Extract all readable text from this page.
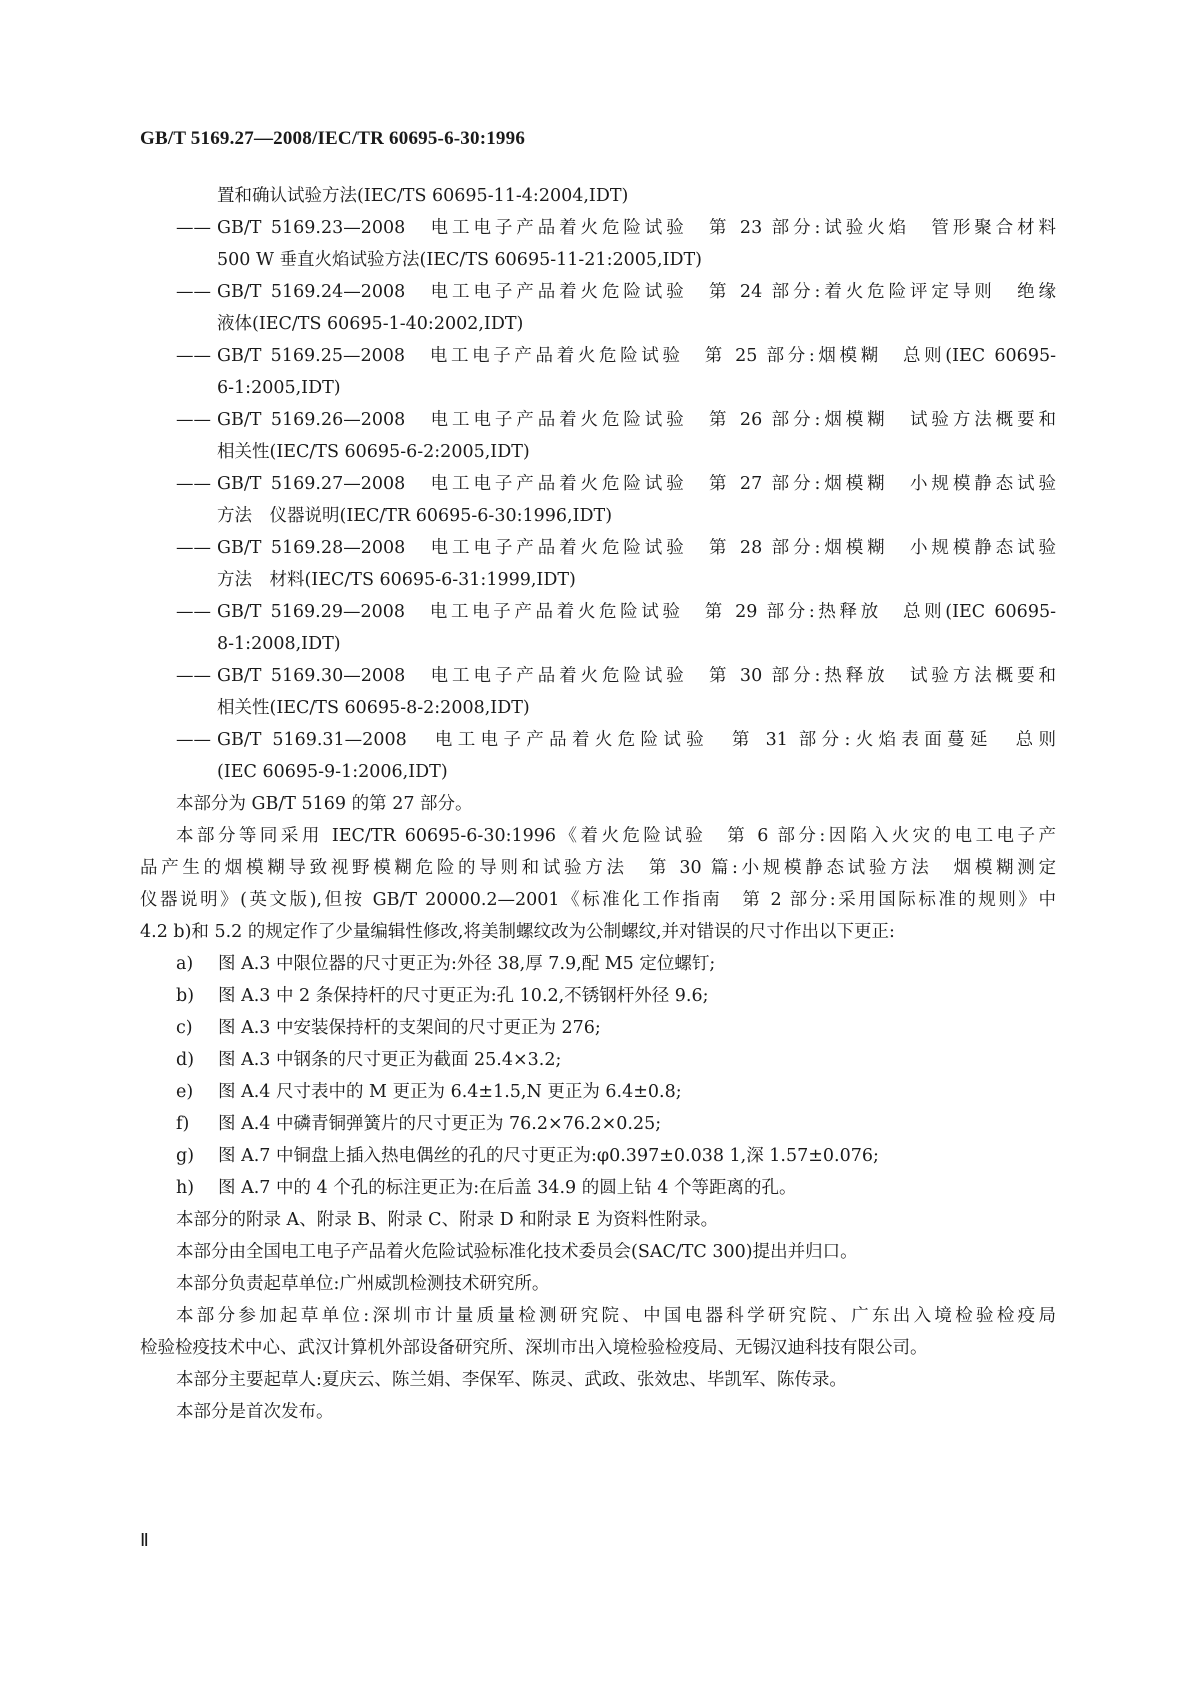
GB/T 5169.27—2008/IEC/TR 60695-6-30:1996
置和确认试验方法(IEC/TS 60695-11-4:2004,IDT)
—— GB/T 5169.23—2008　电工电子产品着火危险试验　第 23 部分:试验火焰　管形聚合材料
500 W 垂直火焰试验方法(IEC/TS 60695-11-21:2005,IDT)
—— GB/T 5169.24—2008　电工电子产品着火危险试验　第 24 部分:着火危险评定导则　绝缘
液体(IEC/TS 60695-1-40:2002,IDT)
—— GB/T 5169.25—2008　电工电子产品着火危险试验　第 25 部分:烟模糊　总则(IEC 60695-
6-1:2005,IDT)
—— GB/T 5169.26—2008　电工电子产品着火危险试验　第 26 部分:烟模糊　试验方法概要和
相关性(IEC/TS 60695-6-2:2005,IDT)
—— GB/T 5169.27—2008　电工电子产品着火危险试验　第 27 部分:烟模糊　小规模静态试验
方法　仪器说明(IEC/TR 60695-6-30:1996,IDT)
—— GB/T 5169.28—2008　电工电子产品着火危险试验　第 28 部分:烟模糊　小规模静态试验
方法　材料(IEC/TS 60695-6-31:1999,IDT)
—— GB/T 5169.29—2008　电工电子产品着火危险试验　第 29 部分:热释放　总则(IEC 60695-
8-1:2008,IDT)
—— GB/T 5169.30—2008　电工电子产品着火危险试验　第 30 部分:热释放　试验方法概要和
相关性(IEC/TS 60695-8-2:2008,IDT)
—— GB/T 5169.31—2008　电工电子产品着火危险试验　第 31 部分:火焰表面蔓延　总则
(IEC 60695-9-1:2006,IDT)
本部分为 GB/T 5169 的第 27 部分。
本部分等同采用 IEC/TR 60695-6-30:1996《着火危险试验　第 6 部分:因陷入火灾的电工电子产
品产生的烟模糊导致视野模糊危险的导则和试验方法　第 30 篇:小规模静态试验方法　烟模糊测定
仪器说明》(英文版),但按 GB/T 20000.2—2001《标准化工作指南　第 2 部分:采用国际标准的规则》中
4.2 b)和 5.2 的规定作了少量编辑性修改,将美制螺纹改为公制螺纹,并对错误的尺寸作出以下更正:
a) 图 A.3 中限位器的尺寸更正为:外径 38,厚 7.9,配 M5 定位螺钉;
b) 图 A.3 中 2 条保持杆的尺寸更正为:孔 10.2,不锈钢杆外径 9.6;
c) 图 A.3 中安装保持杆的支架间的尺寸更正为 276;
d) 图 A.3 中钢条的尺寸更正为截面 25.4×3.2;
e) 图 A.4 尺寸表中的 M 更正为 6.4±1.5,N 更正为 6.4±0.8;
f) 图 A.4 中磷青铜弹簧片的尺寸更正为 76.2×76.2×0.25;
g) 图 A.7 中铜盘上插入热电偶丝的孔的尺寸更正为:φ0.397±0.038 1,深 1.57±0.076;
h) 图 A.7 中的 4 个孔的标注更正为:在后盖 34.9 的圆上钻 4 个等距离的孔。
本部分的附录 A、附录 B、附录 C、附录 D 和附录 E 为资料性附录。
本部分由全国电工电子产品着火危险试验标准化技术委员会(SAC/TC 300)提出并归口。
本部分负责起草单位:广州威凯检测技术研究所。
本部分参加起草单位:深圳市计量质量检测研究院、中国电器科学研究院、广东出入境检验检疫局
检验检疫技术中心、武汉计算机外部设备研究所、深圳市出入境检验检疫局、无锡汉迪科技有限公司。
本部分主要起草人:夏庆云、陈兰娟、李保军、陈灵、武政、张效忠、毕凯军、陈传录。
本部分是首次发布。
Ⅱ
